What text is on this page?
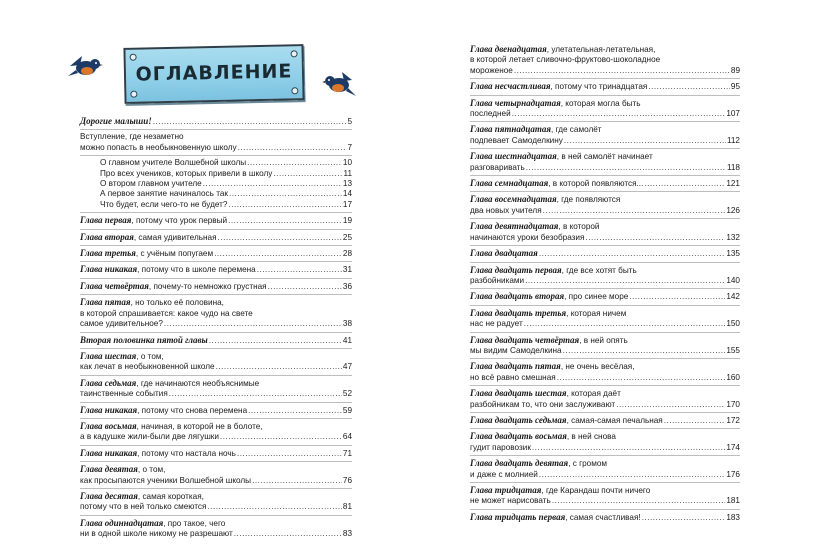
ОГЛАВЛЕНИЕ
Дорогие малыши! .....	5
Вступление, где незаметно
можно попасть в необыкновенную школу .....	7
О главном учителе Волшебной школы .....	10
Про всех учеников, которых привели в школу .....	11
О втором главном учителе .....	13
А первое занятие начиналось так .....	14
Что будет, если чего-то не будет? .....	17
Глава первая, потому что урок первый .....	19
Глава вторая, самая удивительная .....	25
Глава третья, с учёным попугаем .....	28
Глава никакая, потому что в школе перемена .....	31
Глава четвёртая, почему-то немножко грустная .....	36
Глава пятая, но только её половина,
в которой спрашивается: какое чудо на свете
самое удивительное? .....	38
Вторая половинка пятой главы .....	41
Глава шестая, о том,
как лечат в необыкновенной школе .....	47
Глава седьмая, где начинаются необъяснимые
таинственные события .....	52
Глава никакая, потому что снова перемена .....	59
Глава восьмая, начиная, в которой не в болоте,
а в кадушке жили-были две лягушки .....	64
Глава никакая, потому что настала ночь .....	71
Глава девятая, о том,
как просыпаются ученики Волшебной школы .....	76
Глава десятая, самая короткая,
потому что в ней только смеются .....	81
Глава одиннадцатая, про такое, чего
ни в одной школе никому не разрешают .....	83
Глава двенадцатая, улетательная-летательная,
в которой летает сливочно-фруктово-шоколадное
мороженое .....	89
Глава несчастливая, потому что тринадцатая .....	95
Глава четырнадцатая, которая могла быть
последней .....	107
Глава пятнадцатая, где самолёт
подпевает Самоделкину .....	112
Глава шестнадцатая, в ней самолёт начинает
разговаривать .....	118
Глава семнадцатая, в которой появляются... .....	121
Глава восемнадцатая, где появляются
два новых учителя .....	126
Глава девятнадцатая, в которой
начинаются уроки безобразия .....	132
Глава двадцатая .....	135
Глава двадцать первая, где все хотят быть
разбойниками .....	140
Глава двадцать вторая, про синее море .....	142
Глава двадцать третья, которая ничем
нас не радует .....	150
Глава двадцать четвёртая, в ней опять
мы видим Самоделкина .....	155
Глава двадцать пятая, не очень весёлая,
но всё равно смешная .....	160
Глава двадцать шестая, которая даёт
разбойникам то, что они заслуживают .....	170
Глава двадцать седьмая, самая-самая печальная .....	172
Глава двадцать восьмая, в ней снова
гудит паровозик .....	174
Глава двадцать девятая, с громом
и даже с молнией .....	176
Глава тридцатая, где Карандаш почти ничего
не может нарисовать .....	181
Глава тридцать первая, самая счастливая! .....	183
